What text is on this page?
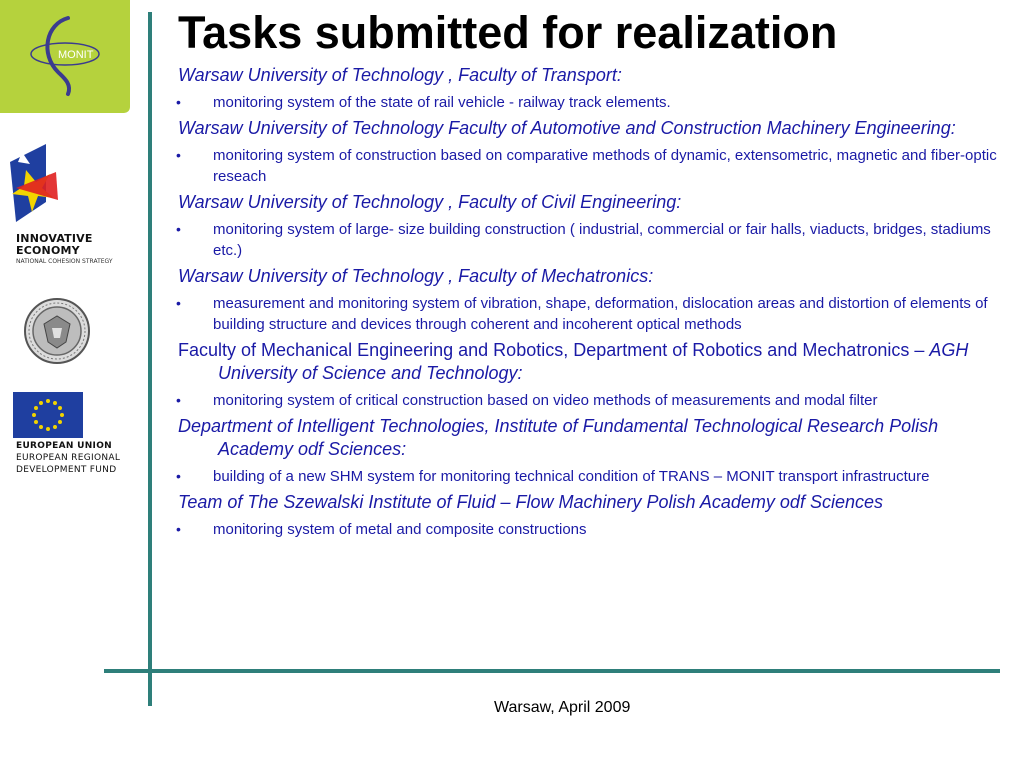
MONIT
INNOVATIVE
ECONOMY
NATIONAL COHESION STRATEGY
EUROPEAN UNION
EUROPEAN REGIONAL
DEVELOPMENT FUND
Tasks submitted for realization

Warsaw University of Technology , Faculty of Transport:

• monitoring system of the state of rail vehicle - railway track elements.

Warsaw University of Technology Faculty of Automotive and Construction Machinery Engineering:

• monitoring system of construction based on comparative methods of dynamic, extensometric, magnetic and fiber-optic reseach

Warsaw University of Technology , Faculty of Civil Engineering:

• monitoring system of large- size building construction ( industrial, commercial or fair halls, viaducts, bridges, stadiums etc.)

Warsaw University of Technology , Faculty of Mechatronics:

• measurement and monitoring system of vibration, shape, deformation, dislocation areas and distortion of elements of building structure and devices through coherent and incoherent optical methods

Faculty of Mechanical Engineering and Robotics, Department of Robotics and Mechatronics – AGH University of Science and Technology:

• monitoring system of critical construction based on video methods of measurements and modal filter

Department of Intelligent Technologies, Institute of Fundamental Technological Research Polish Academy odf Sciences:

• building of a new SHM system for monitoring technical condition of TRANS – MONIT transport infrastructure

Team of The Szewalski Institute of Fluid – Flow Machinery Polish Academy odf Sciences

• monitoring system of metal and composite constructions
Warsaw, April 2009
